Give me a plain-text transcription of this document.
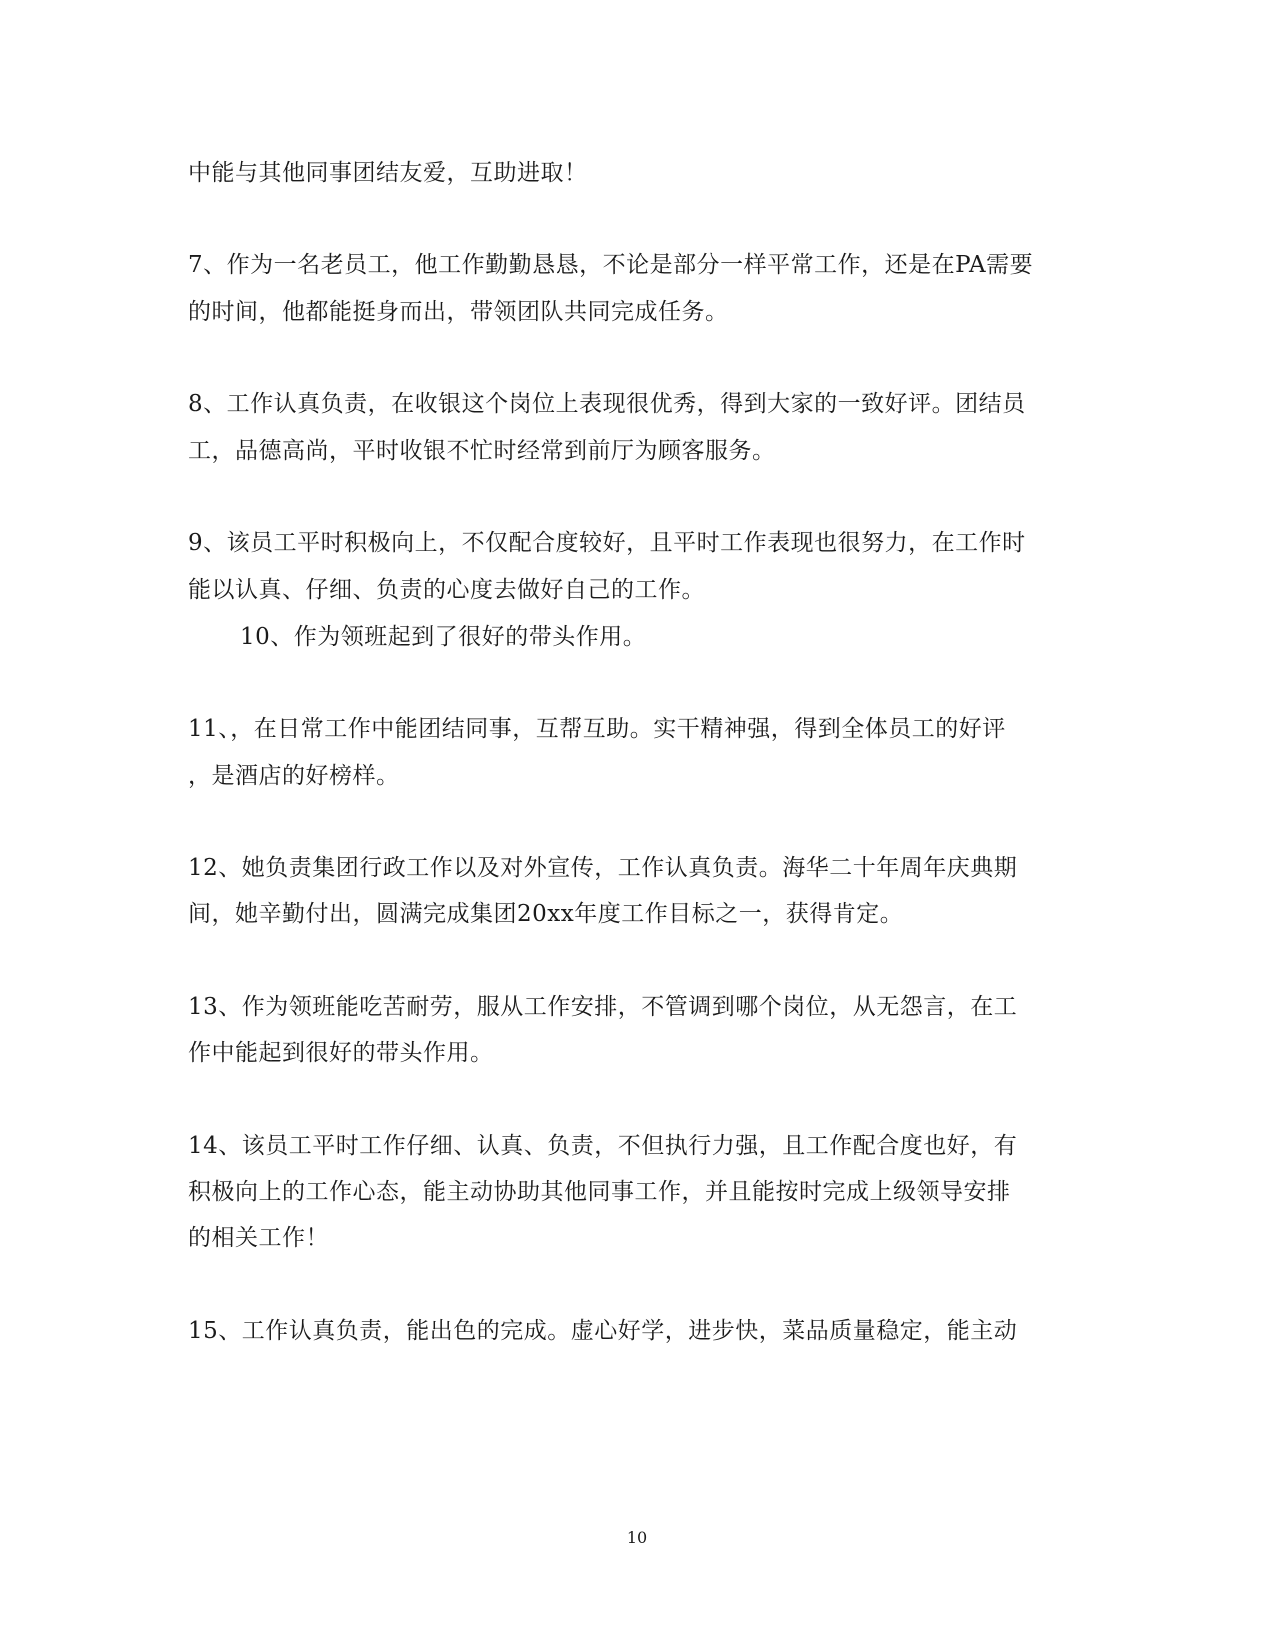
中能与其他同事团结友爱，互助进取！
7、作为一名老员工，他工作勤勤恳恳，不论是部分一样平常工作，还是在PA需要
的时间，他都能挺身而出，带领团队共同完成任务。
8、工作认真负责，在收银这个岗位上表现很优秀，得到大家的一致好评。团结员
工，品德高尚，平时收银不忙时经常到前厅为顾客服务。
9、该员工平时积极向上，不仅配合度较好，且平时工作表现也很努力，在工作时
能以认真、仔细、负责的心度去做好自己的工作。
10、作为领班起到了很好的带头作用。
11、，在日常工作中能团结同事，互帮互助。实干精神强，得到全体员工的好评
，是酒店的好榜样。
12、她负责集团行政工作以及对外宣传，工作认真负责。海华二十年周年庆典期
间，她辛勤付出，圆满完成集团20xx年度工作目标之一，获得肯定。
13、作为领班能吃苦耐劳，服从工作安排，不管调到哪个岗位，从无怨言，在工
作中能起到很好的带头作用。
14、该员工平时工作仔细、认真、负责，不但执行力强，且工作配合度也好，有
积极向上的工作心态，能主动协助其他同事工作，并且能按时完成上级领导安排
的相关工作！
15、工作认真负责，能出色的完成。虚心好学，进步快，菜品质量稳定，能主动
10
